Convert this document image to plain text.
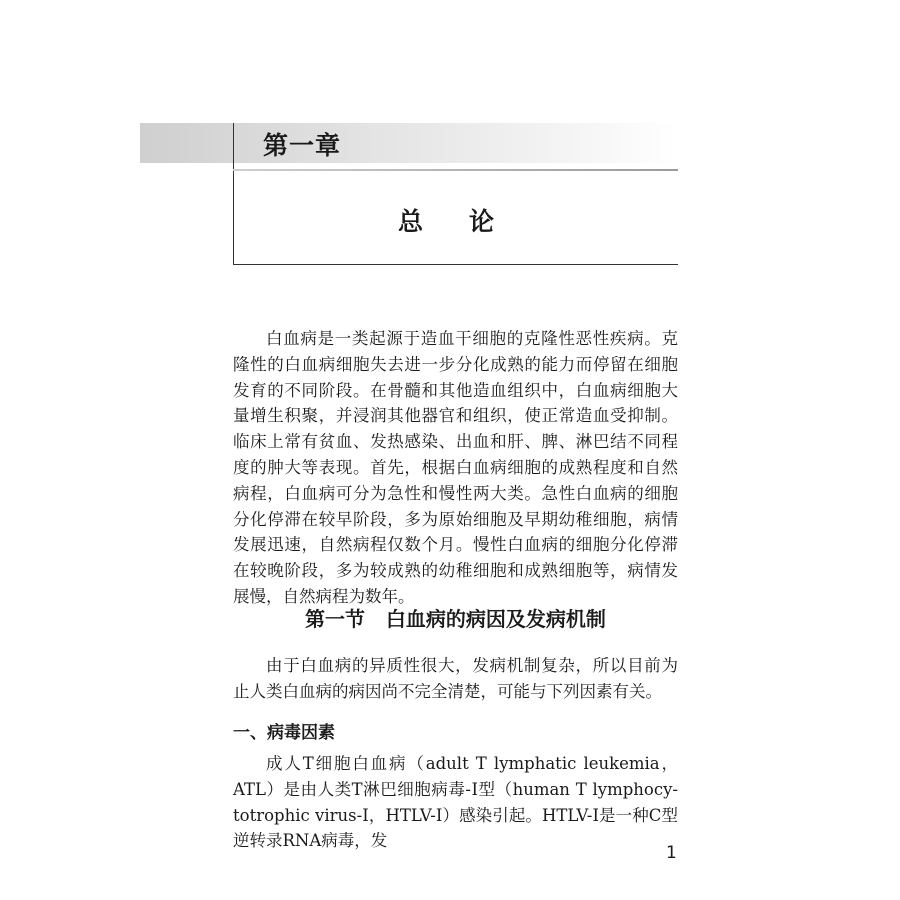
第一章
总论

白血病是一类起源于造血干细胞的克隆性恶性疾病。克隆性的白血病细胞失去进一步分化成熟的能力而停留在细胞发育的不同阶段。在骨髓和其他造血组织中，白血病细胞大量增生积聚，并浸润其他器官和组织，使正常造血受抑制。临床上常有贫血、发热感染、出血和肝、脾、淋巴结不同程度的肿大等表现。首先，根据白血病细胞的成熟程度和自然病程，白血病可分为急性和慢性两大类。急性白血病的细胞分化停滞在较早阶段，多为原始细胞及早期幼稚细胞，病情发展迅速，自然病程仅数个月。慢性白血病的细胞分化停滞在较晚阶段，多为较成熟的幼稚细胞和成熟细胞等，病情发展慢，自然病程为数年。

第一节   白血病的病因及发病机制

由于白血病的异质性很大，发病机制复杂，所以目前为止人类白血病的病因尚不完全清楚，可能与下列因素有关。

一、病毒因素

成人T细胞白血病（adult T lymphatic leukemia，ATL）是由人类T淋巴细胞病毒-Ⅰ型（human T lymphocy-totrophic virus-Ⅰ，HTLV-Ⅰ）感染引起。HTLV-Ⅰ是一种C型逆转录RNA病毒，发

1
